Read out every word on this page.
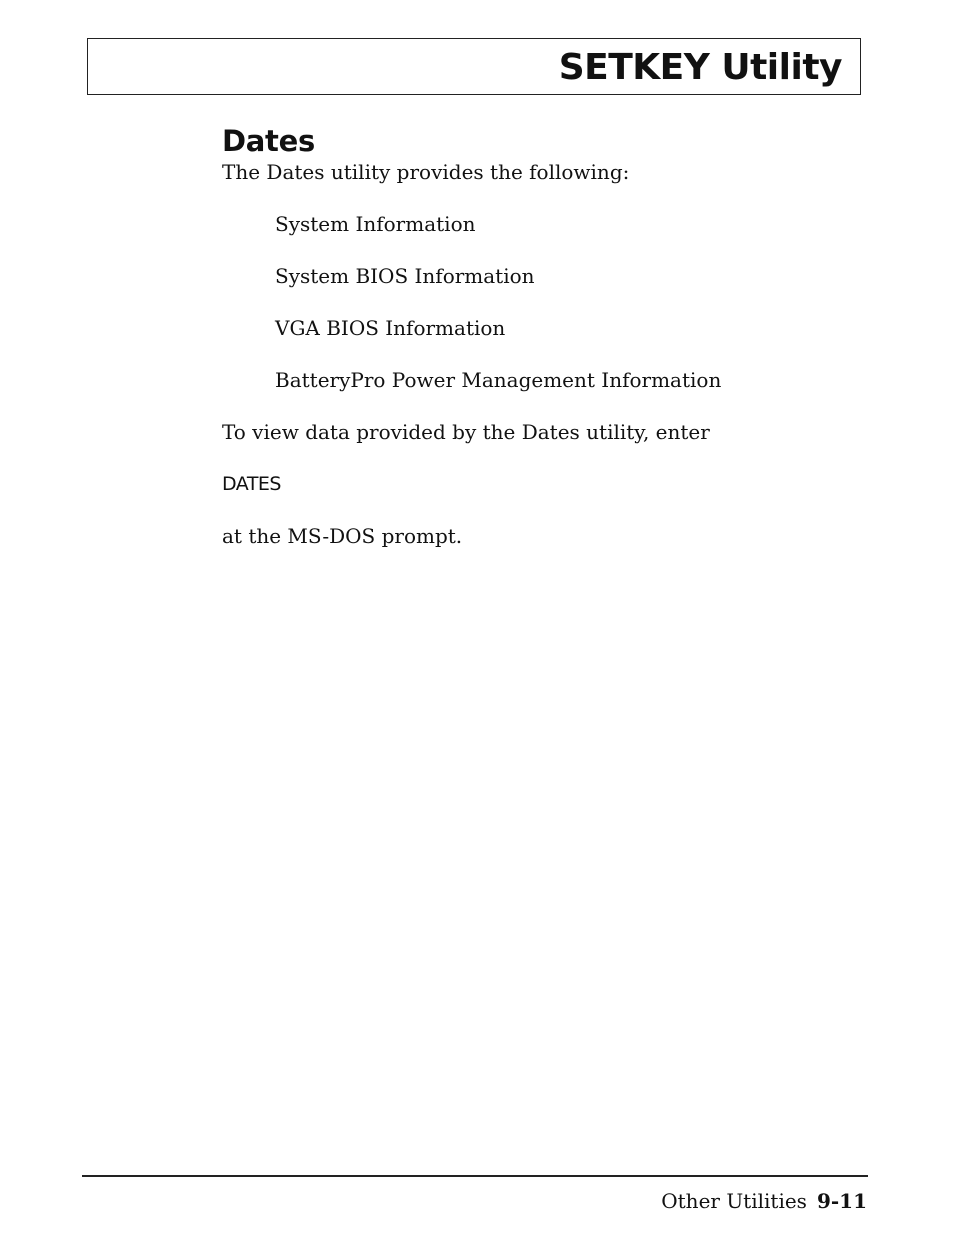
SETKEY Utility
Dates

The Dates utility provides the following:

System Information
System BIOS Information
VGA BIOS Information
BatteryPro Power Management Information

To view data provided by the Dates utility, enter

DATES

at the MS-DOS prompt.

Other Utilities 9-11
